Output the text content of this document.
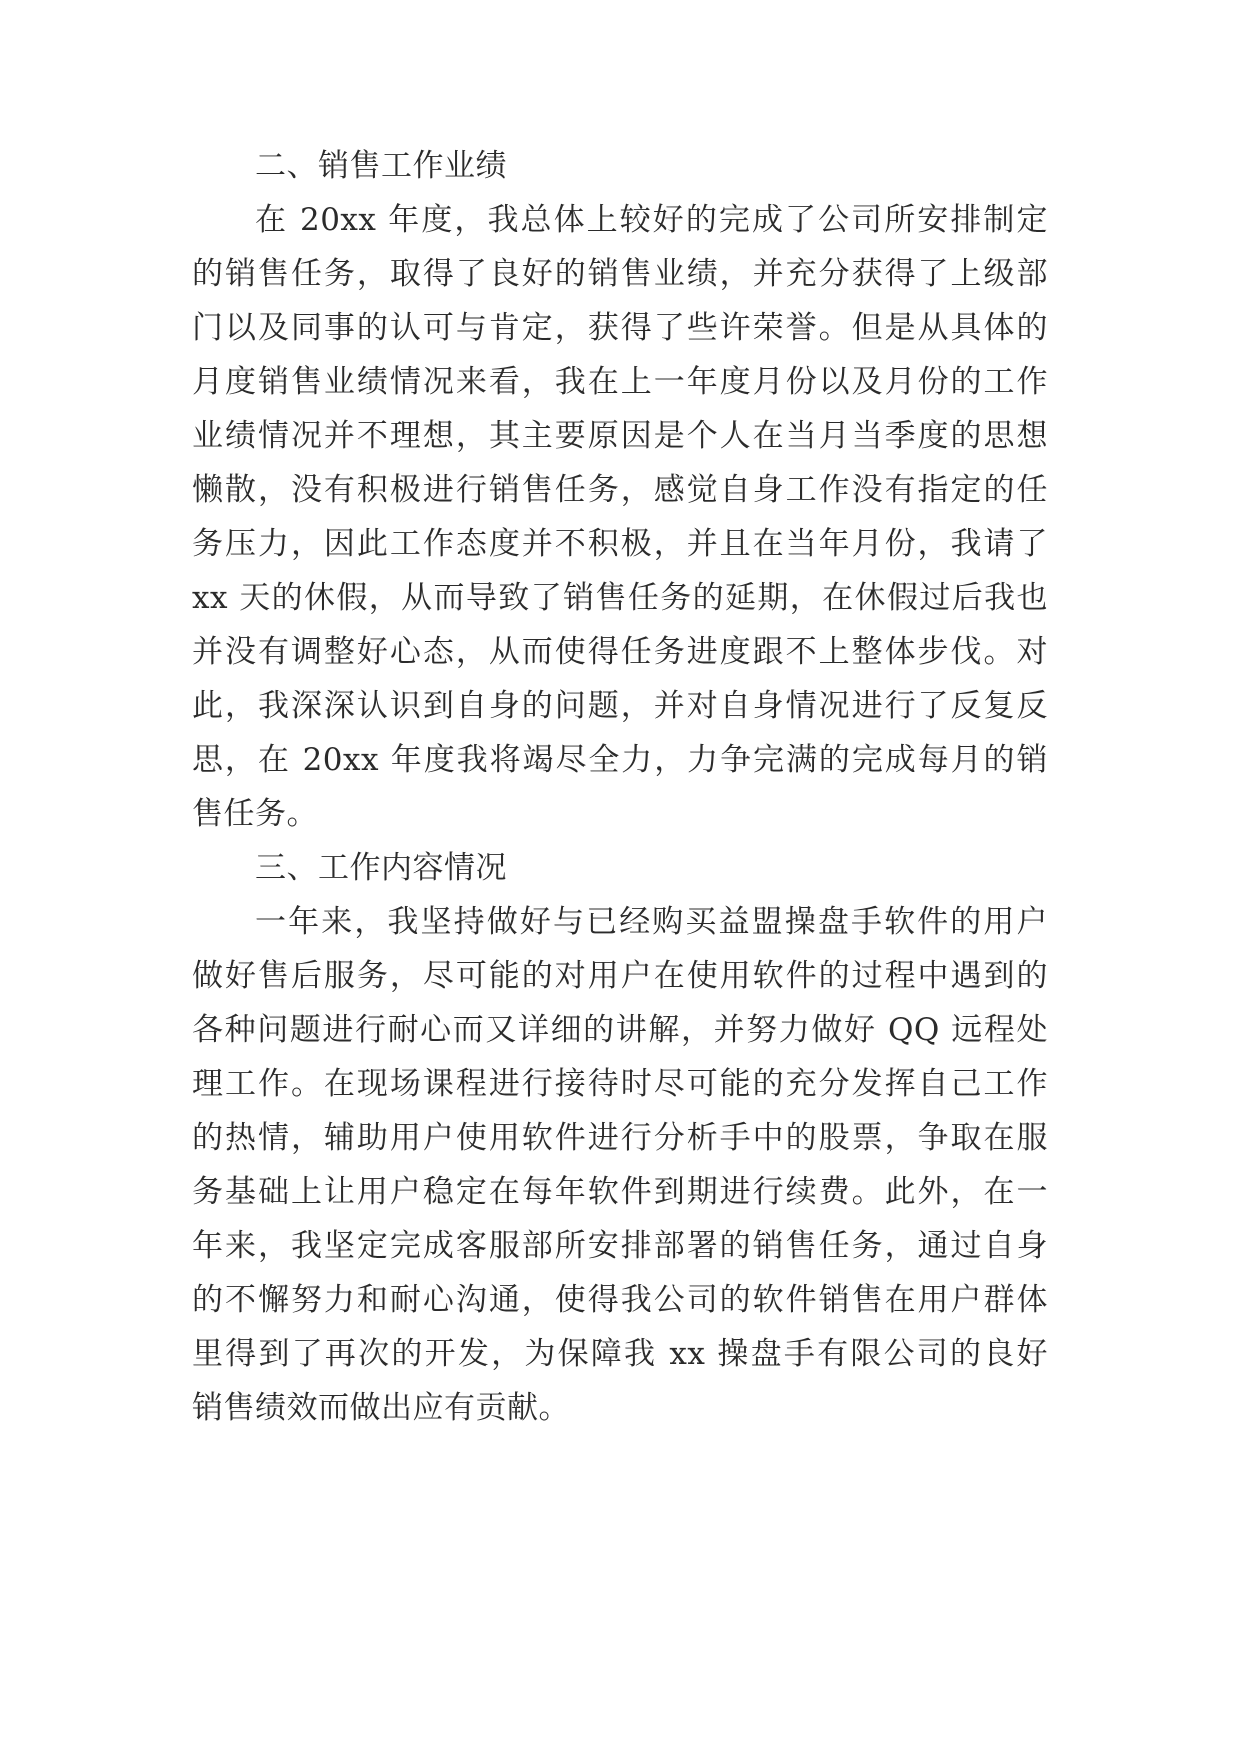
二、销售工作业绩
在 20xx 年度，我总体上较好的完成了公司所安排制定
的销售任务，取得了良好的销售业绩，并充分获得了上级部
门以及同事的认可与肯定，获得了些许荣誉。但是从具体的
月度销售业绩情况来看，我在上一年度月份以及月份的工作
业绩情况并不理想，其主要原因是个人在当月当季度的思想
懒散，没有积极进行销售任务，感觉自身工作没有指定的任
务压力，因此工作态度并不积极，并且在当年月份，我请了
xx 天的休假，从而导致了销售任务的延期，在休假过后我也
并没有调整好心态，从而使得任务进度跟不上整体步伐。对
此，我深深认识到自身的问题，并对自身情况进行了反复反
思，在 20xx 年度我将竭尽全力，力争完满的完成每月的销
售任务。
三、工作内容情况
一年来，我坚持做好与已经购买益盟操盘手软件的用户
做好售后服务，尽可能的对用户在使用软件的过程中遇到的
各种问题进行耐心而又详细的讲解，并努力做好 QQ 远程处
理工作。在现场课程进行接待时尽可能的充分发挥自己工作
的热情，辅助用户使用软件进行分析手中的股票，争取在服
务基础上让用户稳定在每年软件到期进行续费。此外，在一
年来，我坚定完成客服部所安排部署的销售任务，通过自身
的不懈努力和耐心沟通，使得我公司的软件销售在用户群体
里得到了再次的开发，为保障我 xx 操盘手有限公司的良好
销售绩效而做出应有贡献。
